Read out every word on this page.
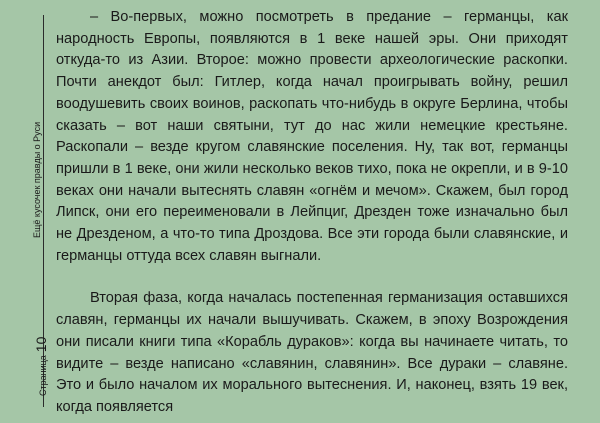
Ещё кусочек правды о Руси
Страница
10

– Во-первых, можно посмотреть в предание – германцы, как народность Европы, появляются в 1 веке нашей эры. Они приходят откуда-то из Азии. Второе: можно провести археологические раскопки. Почти анекдот был: Гитлер, когда начал проигрывать войну, решил воодушевить своих воинов, раскопать что-нибудь в округе Берлина, чтобы сказать – вот наши святыни, тут до нас жили немецкие крестьяне. Раскопали – везде кругом славянские поселения. Ну, так вот, германцы пришли в 1 веке, они жили несколько веков тихо, пока не окрепли, и в 9-10 веках они начали вытеснять славян «огнём и мечом». Скажем, был город Липск, они его переименовали в Лейпциг, Дрезден тоже изначально был не Дрезденом, а что-то типа Дроздова. Все эти города были славянские, и германцы оттуда всех славян выгнали.

Вторая фаза, когда началась постепенная германизация оставшихся славян, германцы их начали вышучивать. Скажем, в эпоху Возрождения они писали книги типа «Корабль дураков»: когда вы начинаете читать, то видите – везде написано «славянин, славянин». Все дураки – славяне. Это и было началом их морального вытеснения. И, наконец, взять 19 век, когда появляется
